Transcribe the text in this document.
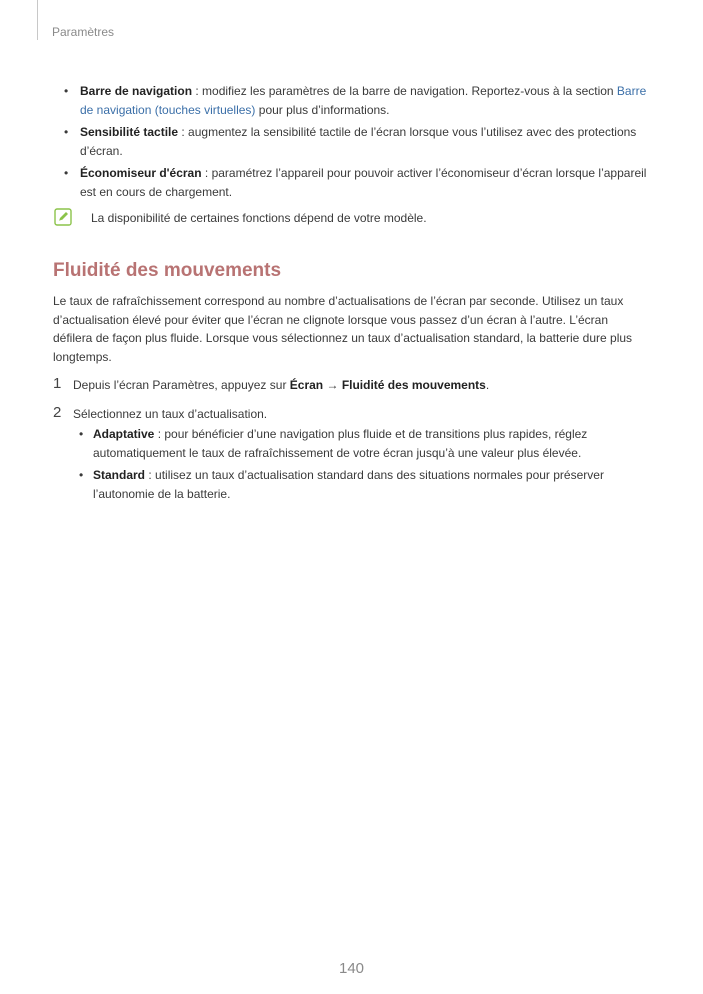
Paramètres
• Barre de navigation : modifiez les paramètres de la barre de navigation. Reportez-vous à la section Barre de navigation (touches virtuelles) pour plus d’informations.
• Sensibilité tactile : augmentez la sensibilité tactile de l’écran lorsque vous l’utilisez avec des protections d’écran.
• Économiseur d'écran : paramétrez l’appareil pour pouvoir activer l’économiseur d’écran lorsque l’appareil est en cours de chargement.
La disponibilité de certaines fonctions dépend de votre modèle.
Fluidité des mouvements

Le taux de rafraîchissement correspond au nombre d’actualisations de l’écran par seconde. Utilisez un taux d’actualisation élevé pour éviter que l’écran ne clignote lorsque vous passez d’un écran à l’autre. L’écran défilera de façon plus fluide. Lorsque vous sélectionnez un taux d’actualisation standard, la batterie dure plus longtemps.

1 Depuis l’écran Paramètres, appuyez sur Écran → Fluidité des mouvements.
2 Sélectionnez un taux d’actualisation.
• Adaptative : pour bénéficier d’une navigation plus fluide et de transitions plus rapides, réglez automatiquement le taux de rafraîchissement de votre écran jusqu’à une valeur plus élevée.
• Standard : utilisez un taux d’actualisation standard dans des situations normales pour préserver l’autonomie de la batterie.
140
